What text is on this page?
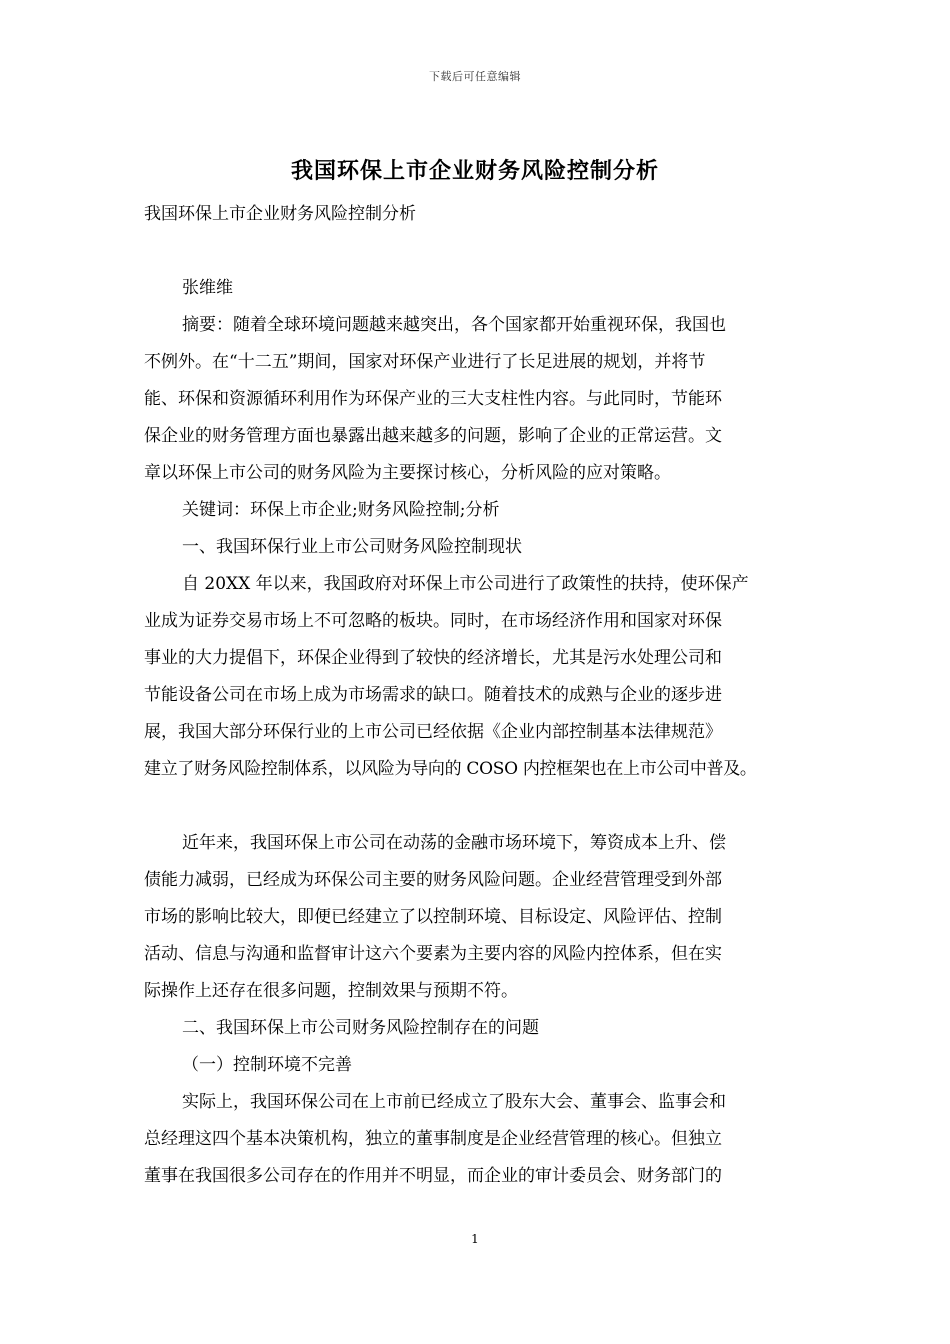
下载后可任意编辑
我国环保上市企业财务风险控制分析
我国环保上市企业财务风险控制分析
张维维
摘要：随着全球环境问题越来越突出，各个国家都开始重视环保，我国也
不例外。在“十二五”期间，国家对环保产业进行了长足进展的规划，并将节
能、环保和资源循环利用作为环保产业的三大支柱性内容。与此同时，节能环
保企业的财务管理方面也暴露出越来越多的问题，影响了企业的正常运营。文
章以环保上市公司的财务风险为主要探讨核心，分析风险的应对策略。
关键词：环保上市企业;财务风险控制;分析
一、我国环保行业上市公司财务风险控制现状
自 20XX 年以来，我国政府对环保上市公司进行了政策性的扶持，使环保产
业成为证券交易市场上不可忽略的板块。同时，在市场经济作用和国家对环保
事业的大力提倡下，环保企业得到了较快的经济增长，尤其是污水处理公司和
节能设备公司在市场上成为市场需求的缺口。随着技术的成熟与企业的逐步进
展，我国大部分环保行业的上市公司已经依据《企业内部控制基本法律规范》
建立了财务风险控制体系，以风险为导向的 COSO 内控框架也在上市公司中普及。
近年来，我国环保上市公司在动荡的金融市场环境下，筹资成本上升、偿
债能力减弱，已经成为环保公司主要的财务风险问题。企业经营管理受到外部
市场的影响比较大，即便已经建立了以控制环境、目标设定、风险评估、控制
活动、信息与沟通和监督审计这六个要素为主要内容的风险内控体系，但在实
际操作上还存在很多问题，控制效果与预期不符。
二、我国环保上市公司财务风险控制存在的问题
（一）控制环境不完善
实际上，我国环保公司在上市前已经成立了股东大会、董事会、监事会和
总经理这四个基本决策机构，独立的董事制度是企业经营管理的核心。但独立
董事在我国很多公司存在的作用并不明显，而企业的审计委员会、财务部门的
1
